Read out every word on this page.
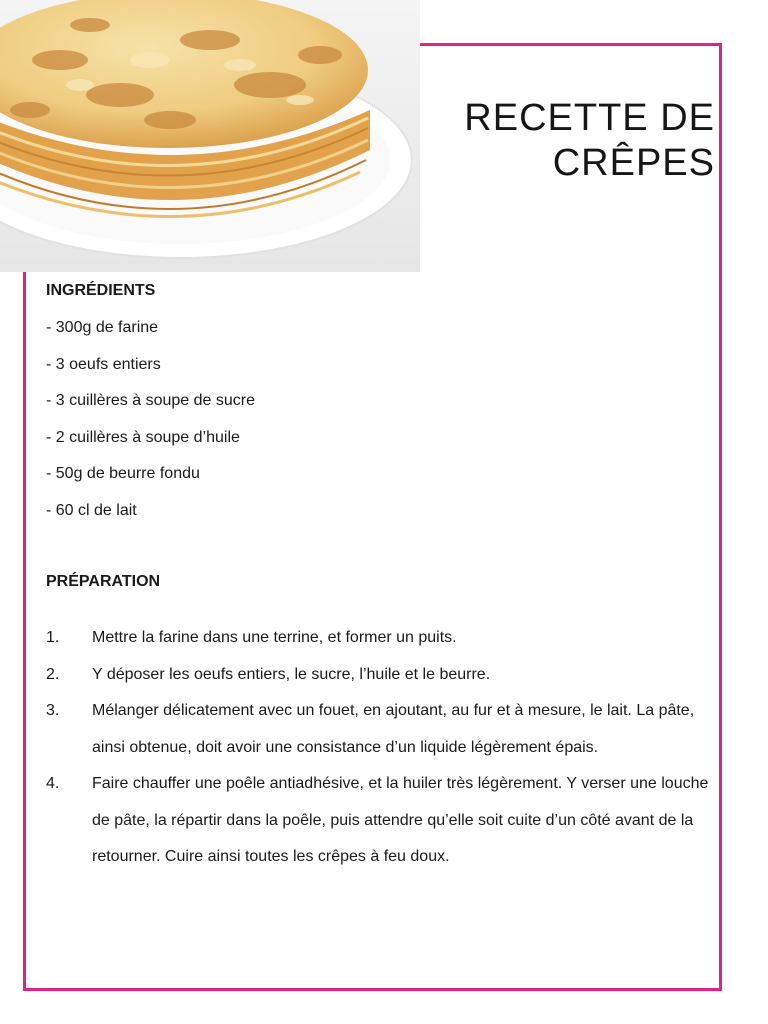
RECETTE DE
CRÊPES
INGRÉDIENTS
- 300g de farine
- 3 oeufs entiers
- 3 cuillères à soupe de sucre
- 2 cuillères à soupe d’huile
- 50g de beurre fondu
- 60 cl de lait
PRÉPARATION
1. Mettre la farine dans une terrine, et former un puits.
2. Y déposer les oeufs entiers, le sucre, l’huile et le beurre.
3. Mélanger délicatement avec un fouet, en ajoutant, au fur et à mesure, le lait. La pâte, ainsi obtenue, doit avoir une consistance d’un liquide légèrement épais.
4. Faire chauffer une poêle antiadhésive, et la huiler très légèrement. Y verser une louche de pâte, la répartir dans la poêle, puis attendre qu’elle soit cuite d’un côté avant de la retourner. Cuire ainsi toutes les crêpes à feu doux.
